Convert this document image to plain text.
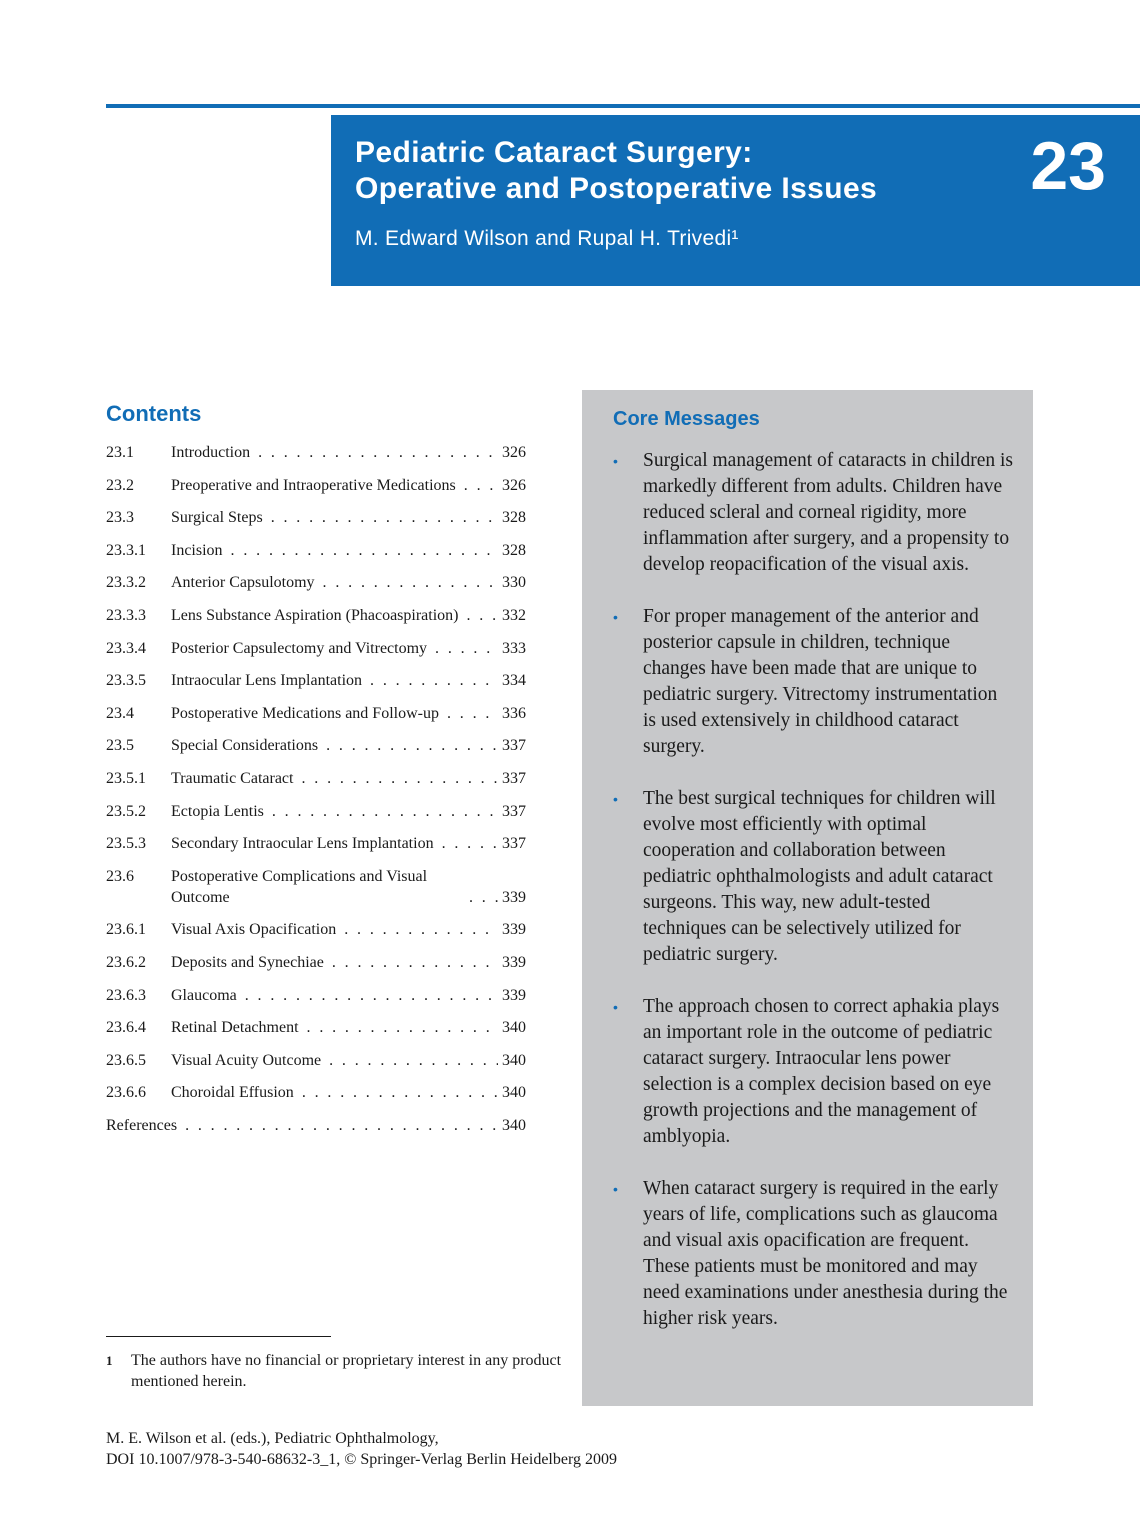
Pediatric Cataract Surgery:
Operative and Postoperative Issues

M. Edward Wilson and Rupal H. Trivedi¹

23
Contents
23.1	Introduction . . .	326
23.2	Preoperative and Intraoperative Medications . . .	326
23.3	Surgical Steps . . .	328
23.3.1	Incision . . .	328
23.3.2	Anterior Capsulotomy . . .	330
23.3.3	Lens Substance Aspiration (Phacoaspiration) . . .	332
23.3.4	Posterior Capsulectomy and Vitrectomy . . .	333
23.3.5	Intraocular Lens Implantation . . .	334
23.4	Postoperative Medications and Follow-up . . .	336
23.5	Special Considerations . . .	337
23.5.1	Traumatic Cataract . . .	337
23.5.2	Ectopia Lentis . . .	337
23.5.3	Secondary Intraocular Lens Implantation . . .	337
23.6	Postoperative Complications and Visual Outcome . . .	339
23.6.1	Visual Axis Opacification . . .	339
23.6.2	Deposits and Synechiae . . .	339
23.6.3	Glaucoma . . .	339
23.6.4	Retinal Detachment . . .	340
23.6.5	Visual Acuity Outcome . . .	340
23.6.6	Choroidal Effusion . . .	340
References . . .	340
Core Messages
•	Surgical management of cataracts in children is markedly different from adults. Children have reduced scleral and corneal rigidity, more inflammation after surgery, and a propensity to develop reopacification of the visual axis.
•	For proper management of the anterior and posterior capsule in children, technique changes have been made that are unique to pediatric surgery. Vitrectomy instrumentation is used extensively in childhood cataract surgery.
•	The best surgical techniques for children will evolve most efficiently with optimal cooperation and collaboration between pediatric ophthalmologists and adult cataract surgeons. This way, new adult-tested techniques can be selectively utilized for pediatric surgery.
•	The approach chosen to correct aphakia plays an important role in the outcome of pediatric cataract surgery. Intraocular lens power selection is a complex decision based on eye growth projections and the management of amblyopia.
•	When cataract surgery is required in the early years of life, complications such as glaucoma and visual axis opacification are frequent. These patients must be monitored and may need examinations under anesthesia during the higher risk years.
1	The authors have no financial or proprietary interest in any product mentioned herein.
M. E. Wilson et al. (eds.), Pediatric Ophthalmology,
DOI 10.1007/978-3-540-68632-3_1, © Springer-Verlag Berlin Heidelberg 2009
